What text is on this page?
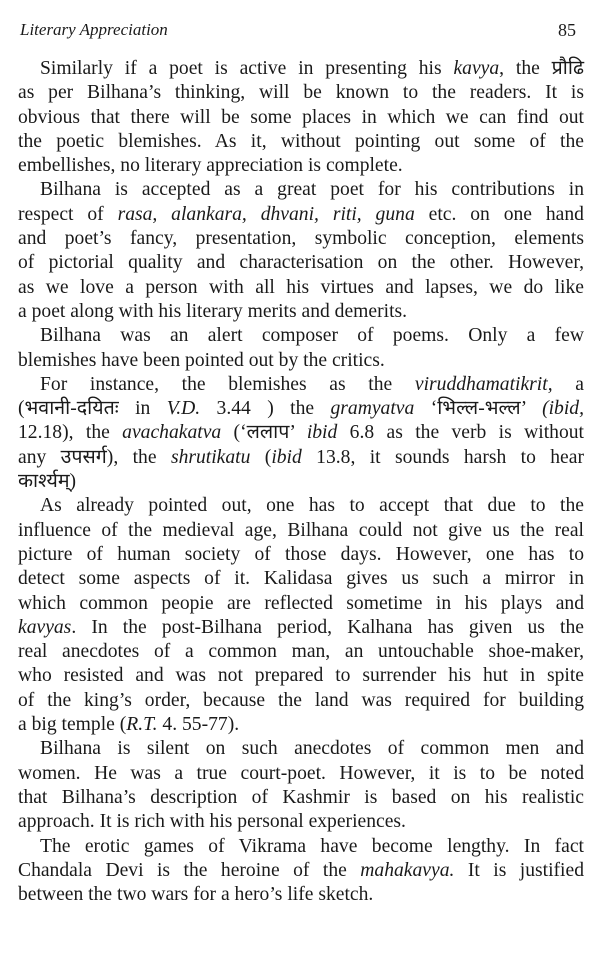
Literary Appreciation	85
Similarly if a poet is active in presenting his kavya, the प्रौढि
as per Bilhana’s thinking, will be known to the readers. It is
obvious that there will be some places in which we can find out
the poetic blemishes. As it, without pointing out some of the
embellishes, no literary appreciation is complete.
Bilhana is accepted as a great poet for his contributions in
respect of rasa, alankara, dhvani, riti, guna etc. on one hand
and poet’s fancy, presentation, symbolic conception, elements
of pictorial quality and characterisation on the other. However,
as we love a person with all his virtues and lapses, we do like
a poet along with his literary merits and demerits.
Bilhana was an alert composer of poems. Only a few
blemishes have been pointed out by the critics.
For instance, the blemishes as the viruddhamatikrit, a
(भवानी-दयितः in V.D. 3.44 ) the gramyatva ‘भिल्ल-भल्ल’ (ibid,
12.18), the avachakatva (‘ललाप’ ibid 6.8 as the verb is without
any उपसर्ग), the shrutikatu (ibid 13.8, it sounds harsh to hear
कार्श्यम्)
As already pointed out, one has to accept that due to the
influence of the medieval age, Bilhana could not give us the real
picture of human society of those days. However, one has to
detect some aspects of it. Kalidasa gives us such a mirror in
which common peopie are reflected sometime in his plays and
kavyas. In the post-Bilhana period, Kalhana has given us the
real anecdotes of a common man, an untouchable shoe-maker,
who resisted and was not prepared to surrender his hut in spite
of the king’s order, because the land was required for building
a big temple (R.T. 4. 55-77).
Bilhana is silent on such anecdotes of common men and
women. He was a true court-poet. However, it is to be noted
that Bilhana’s description of Kashmir is based on his realistic
approach. It is rich with his personal experiences.
The erotic games of Vikrama have become lengthy. In fact
Chandala Devi is the heroine of the mahakavya. It is justified
between the two wars for a hero’s life sketch.
